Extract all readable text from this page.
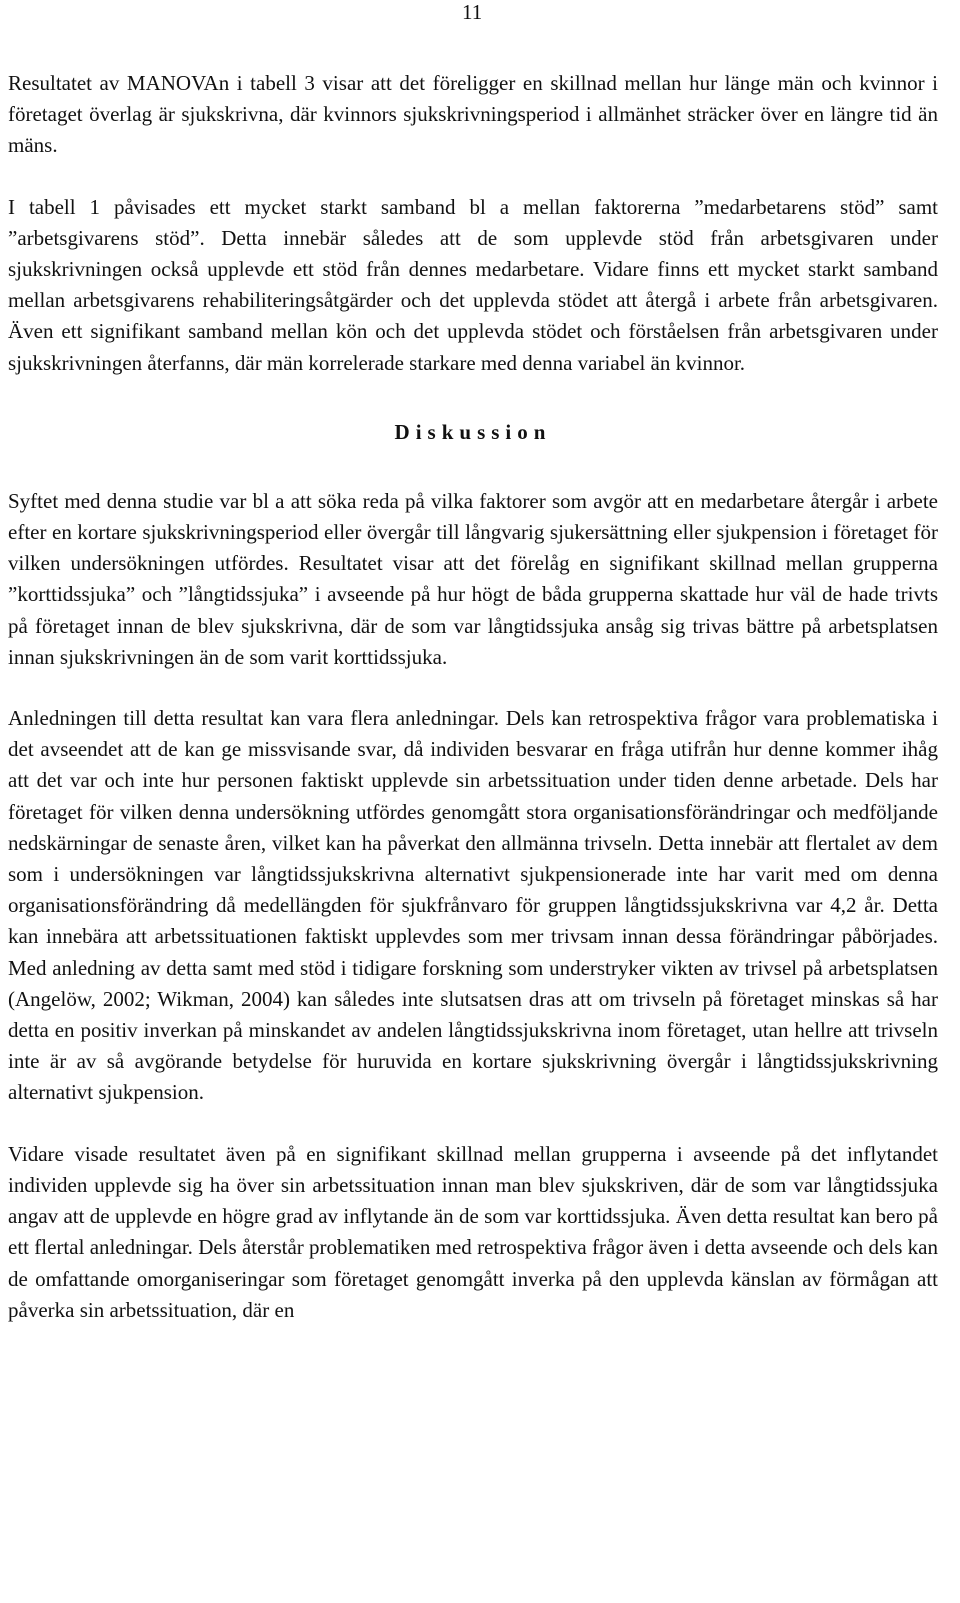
11

Resultatet av MANOVAn i tabell 3 visar att det föreligger en skillnad mellan hur länge män och kvinnor i företaget överlag är sjukskrivna, där kvinnors sjukskrivningsperiod i allmänhet sträcker över en längre tid än mäns.

I tabell 1 påvisades ett mycket starkt samband bl a mellan faktorerna ”medarbetarens stöd” samt ”arbetsgivarens stöd”. Detta innebär således att de som upplevde stöd från arbetsgivaren under sjukskrivningen också upplevde ett stöd från dennes medarbetare. Vidare finns ett mycket starkt samband mellan arbetsgivarens rehabiliteringsåtgärder och det upplevda stödet att återgå i arbete från arbetsgivaren. Även ett signifikant samband mellan kön och det upplevda stödet och förståelsen från arbetsgivaren under sjukskrivningen återfanns, där män korrelerade starkare med denna variabel än kvinnor.

Diskussion

Syftet med denna studie var bl a att söka reda på vilka faktorer som avgör att en medarbetare återgår i arbete efter en kortare sjukskrivningsperiod eller övergår till långvarig sjukersättning eller sjukpension i företaget för vilken undersökningen utfördes. Resultatet visar att det förelåg en signifikant skillnad mellan grupperna ”korttidssjuka” och ”långtidssjuka” i avseende på hur högt de båda grupperna skattade hur väl de hade trivts på företaget innan de blev sjukskrivna, där de som var långtidssjuka ansåg sig trivas bättre på arbetsplatsen innan sjukskrivningen än de som varit korttidssjuka.

Anledningen till detta resultat kan vara flera anledningar. Dels kan retrospektiva frågor vara problematiska i det avseendet att de kan ge missvisande svar, då individen besvarar en fråga utifrån hur denne kommer ihåg att det var och inte hur personen faktiskt upplevde sin arbetssituation under tiden denne arbetade. Dels har företaget för vilken denna undersökning utfördes genomgått stora organisationsförändringar och medföljande nedskärningar de senaste åren, vilket kan ha påverkat den allmänna trivseln. Detta innebär att flertalet av dem som i undersökningen var långtidssjukskrivna alternativt sjukpensionerade inte har varit med om denna organisationsförändring då medellängden för sjukfrånvaro för gruppen långtidssjukskrivna var 4,2 år. Detta kan innebära att arbetssituationen faktiskt upplevdes som mer trivsam innan dessa förändringar påbörjades. Med anledning av detta samt med stöd i tidigare forskning som understryker vikten av trivsel på arbetsplatsen (Angelöw, 2002; Wikman, 2004) kan således inte slutsatsen dras att om trivseln på företaget minskas så har detta en positiv inverkan på minskandet av andelen långtidssjukskrivna inom företaget, utan hellre att trivseln inte är av så avgörande betydelse för huruvida en kortare sjukskrivning övergår i långtidssjukskrivning alternativt sjukpension.

Vidare visade resultatet även på en signifikant skillnad mellan grupperna i avseende på det inflytandet individen upplevde sig ha över sin arbetssituation innan man blev sjukskriven, där de som var långtidssjuka angav att de upplevde en högre grad av inflytande än de som var korttidssjuka. Även detta resultat kan bero på ett flertal anledningar. Dels återstår problematiken med retrospektiva frågor även i detta avseende och dels kan de omfattande omorganiseringar som företaget genomgått inverka på den upplevda känslan av förmågan att påverka sin arbetssituation, där en
